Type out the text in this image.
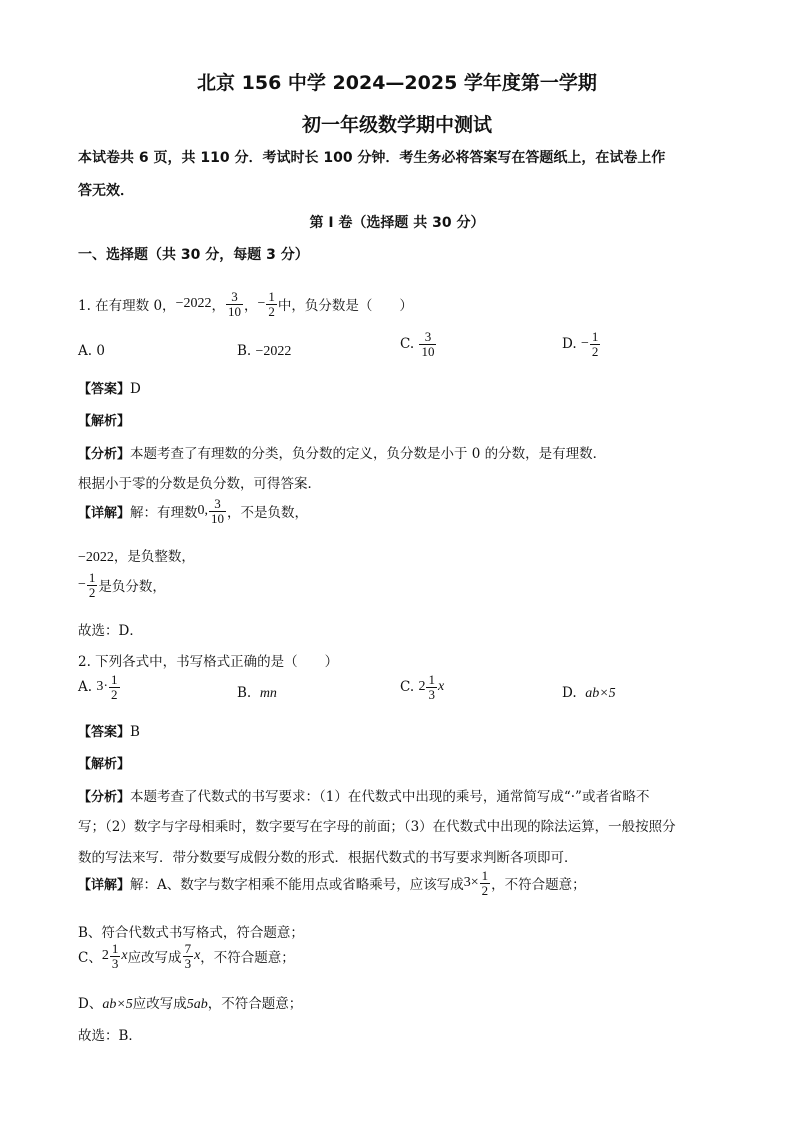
北京 156 中学 2024—2025 学年度第一学期
初一年级数学期中测试
本试卷共 6 页，共 110 分．考试时长 100 分钟．考生务必将答案写在答题纸上，在试卷上作
答无效．
第 I 卷（选择题 共 30 分）
一、选择题（共 30 分，每题 3 分）
1. 在有理数 0， −2022 ， $\frac{3}{10}$ ， − $\frac{1}{2}$ 中，负分数是（　　）
A. 0	B. −2022	C.
$\frac{3}{10}$	D.
− $\frac{1}{2}$
【答案】D
【解析】
【分析】本题考查了有理数的分类，负分数的定义，负分数是小于 0 的分数，是有理数．
根据小于零的分数是负分数，可得答案．
【详解】 解：有理数 0, $\frac{3}{10}$ ，不是负数，
−2022，是负整数，
− $\frac{1}{2}$ 是负分数，
故选：D．
2. 下列各式中，书写格式正确的是（　　）
A.
$3\cdot \frac{1}{2}$	B. mn	C.
$2 \frac{1}{3}$ x	D. ab×5
【答案】B
【解析】
【分析】本题考查了代数式的书写要求：（1）在代数式中出现的乘号，通常简写成“·”或者省略不
写；（2）数字与字母相乘时，数字要写在字母的前面；（3）在代数式中出现的除法运算，一般按照分
数的写法来写．带分数要写成假分数的形式．根据代数式的书写要求判断各项即可．
【详解】 解：A、数字与数字相乘不能用点或省略乘号，应该写成 $3\times \frac{1}{2}$ ，不符合题意；
B、符合代数式书写格式，符合题意；
C、 $2 \frac{1}{3}$ x 应改写成 $\frac{7}{3}$ x ，不符合题意；
D、ab×5应改写成5ab，不符合题意；
故选：B．
